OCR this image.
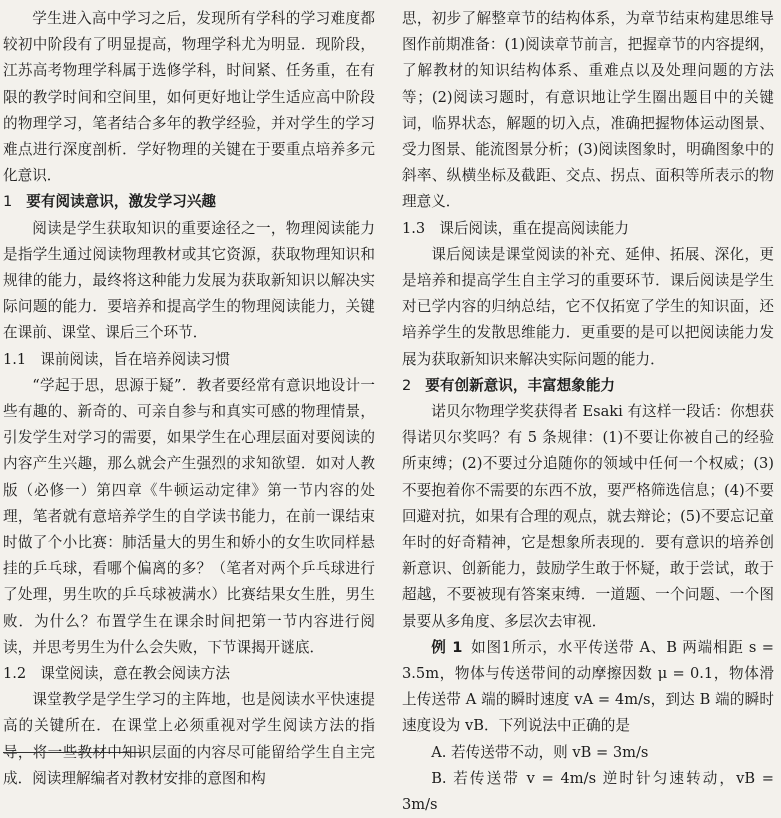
学生进入高中学习之后，发现所有学科的学习难度都较初中阶段有了明显提高，物理学科尤为明显．现阶段，江苏高考物理学科属于选修学科，时间紧、任务重，在有限的教学时间和空间里，如何更好地让学生适应高中阶段的物理学习，笔者结合多年的教学经验，并对学生的学习难点进行深度剖析．学好物理的关键在于要重点培养多元化意识．

1 要有阅读意识，激发学习兴趣

阅读是学生获取知识的重要途径之一，物理阅读能力是指学生通过阅读物理教材或其它资源，获取物理知识和规律的能力，最终将这种能力发展为获取新知识以解决实际问题的能力．要培养和提高学生的物理阅读能力，关键在课前、课堂、课后三个环节．

1.1 课前阅读，旨在培养阅读习惯

“学起于思，思源于疑”．教者要经常有意识地设计一些有趣的、新奇的、可亲自参与和真实可感的物理情景，引发学生对学习的需要，如果学生在心理层面对要阅读的内容产生兴趣，那么就会产生强烈的求知欲望．如对人教版（必修一）第四章《牛顿运动定律》第一节内容的处理，笔者就有意培养学生的自学读书能力，在前一课结束时做了个小比赛：肺活量大的男生和娇小的女生吹同样悬挂的乒乓球，看哪个偏离的多？（笔者对两个乒乓球进行了处理，男生吹的乒乓球被满水）比赛结果女生胜，男生败．为什么？布置学生在课余时间把第一节内容进行阅读，并思考男生为什么会失败，下节课揭开谜底．

1.2 课堂阅读，意在教会阅读方法

课堂教学是学生学习的主阵地，也是阅读水平快速提高的关键所在．在课堂上必须重视对学生阅读方法的指导，将一些教材中知识层面的内容尽可能留给学生自主完成．阅读理解编者对教材安排的意图和构

思，初步了解整章节的结构体系，为章节结束构建思维导图作前期准备：(1)阅读章节前言，把握章节的内容提纲，了解教材的知识结构体系、重难点以及处理问题的方法等；(2)阅读习题时，有意识地让学生圈出题目中的关键词，临界状态，解题的切入点，准确把握物体运动图景、受力图景、能流图景分析；(3)阅读图象时，明确图象中的斜率、纵横坐标及截距、交点、拐点、面积等所表示的物理意义．

1.3 课后阅读，重在提高阅读能力

课后阅读是课堂阅读的补充、延伸、拓展、深化，更是培养和提高学生自主学习的重要环节．课后阅读是学生对已学内容的归纳总结，它不仅拓宽了学生的知识面，还培养学生的发散思维能力．更重要的是可以把阅读能力发展为获取新知识来解决实际问题的能力．

2 要有创新意识，丰富想象能力

诺贝尔物理学奖获得者 Esaki 有这样一段话：你想获得诺贝尔奖吗？有 5 条规律：(1)不要让你被自己的经验所束缚；(2)不要过分追随你的领域中任何一个权威；(3)不要抱着你不需要的东西不放，要严格筛选信息；(4)不要回避对抗，如果有合理的观点，就去辩论；(5)不要忘记童年时的好奇精神，它是想象所表现的．要有意识的培养创新意识、创新能力，鼓励学生敢于怀疑，敢于尝试，敢于超越，不要被现有答案束缚．一道题、一个问题、一个图景要从多角度、多层次去审视．

例 1 如图1所示，水平传送带 A、B 两端相距 s = 3.5m，物体与传送带间的动摩擦因数 μ = 0.1，物体滑上传送带 A 端的瞬时速度 vA = 4m/s，到达 B 端的瞬时速度设为 vB．下列说法中正确的是

A. 若传送带不动，则 vB = 3m/s

B. 若传送带 v = 4m/s 逆时针匀速转动，vB = 3m/s
